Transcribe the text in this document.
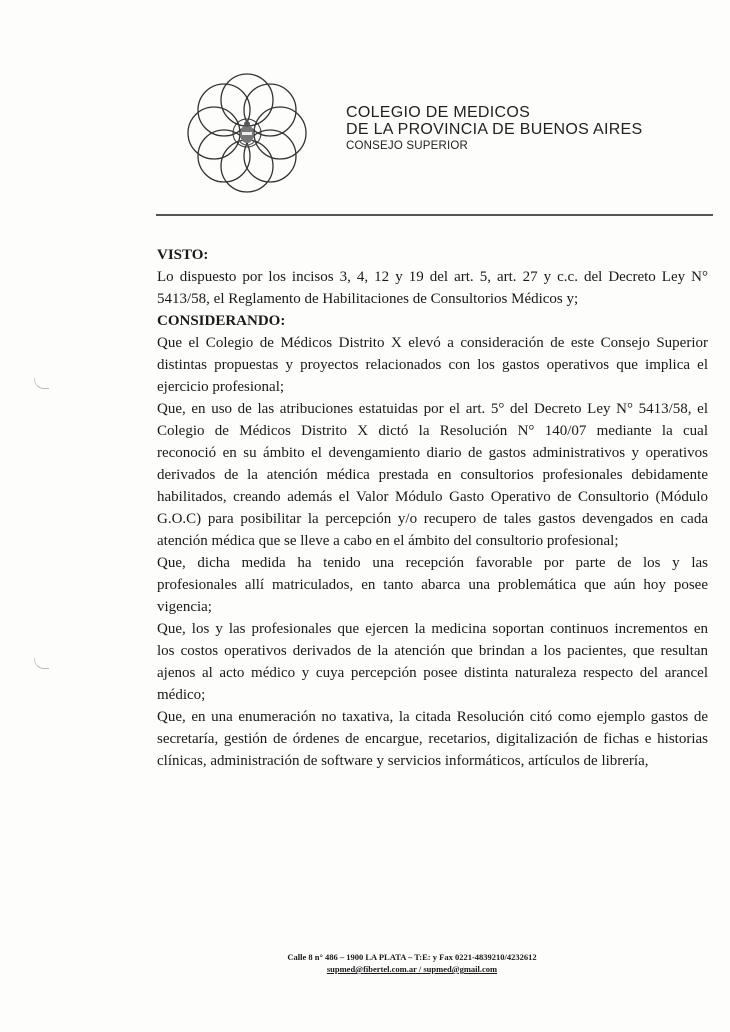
COLEGIO DE MEDICOS
DE LA PROVINCIA DE BUENOS AIRES
CONSEJO SUPERIOR
VISTO:
Lo dispuesto por los incisos 3, 4, 12 y 19 del art. 5, art. 27 y c.c. del Decreto Ley N°
5413/58, el Reglamento de Habilitaciones de Consultorios Médicos y;
CONSIDERANDO:
Que el Colegio de Médicos Distrito X elevó a consideración de este Consejo Superior
distintas propuestas y proyectos relacionados con los gastos operativos que implica el
ejercicio profesional;
Que, en uso de las atribuciones estatuidas por el art. 5° del Decreto Ley N° 5413/58, el
Colegio de Médicos Distrito X dictó la Resolución N° 140/07 mediante la cual
reconoció en su ámbito el devengamiento diario de gastos administrativos y operativos
derivados de la atención médica prestada en consultorios profesionales debidamente
habilitados, creando además el Valor Módulo Gasto Operativo de Consultorio (Módulo
G.O.C) para posibilitar la percepción y/o recupero de tales gastos devengados en cada
atención médica que se lleve a cabo en el ámbito del consultorio profesional;
Que, dicha medida ha tenido una recepción favorable por parte de los y las
profesionales allí matriculados, en tanto abarca una problemática que aún hoy posee
vigencia;
Que, los y las profesionales que ejercen la medicina soportan continuos incrementos en
los costos operativos derivados de la atención que brindan a los pacientes, que resultan
ajenos al acto médico y cuya percepción posee distinta naturaleza respecto del arancel
médico;
Que, en una enumeración no taxativa, la citada Resolución citó como ejemplo gastos de
secretaría, gestión de órdenes de encargue, recetarios, digitalización de fichas e historias
clínicas, administración de software y servicios informáticos, artículos de librería,
Calle 8 n° 486 – 1900 LA PLATA – T:E: y Fax 0221-4839210/4232612
supmed@fibertel.com.ar / supmed@gmail.com
